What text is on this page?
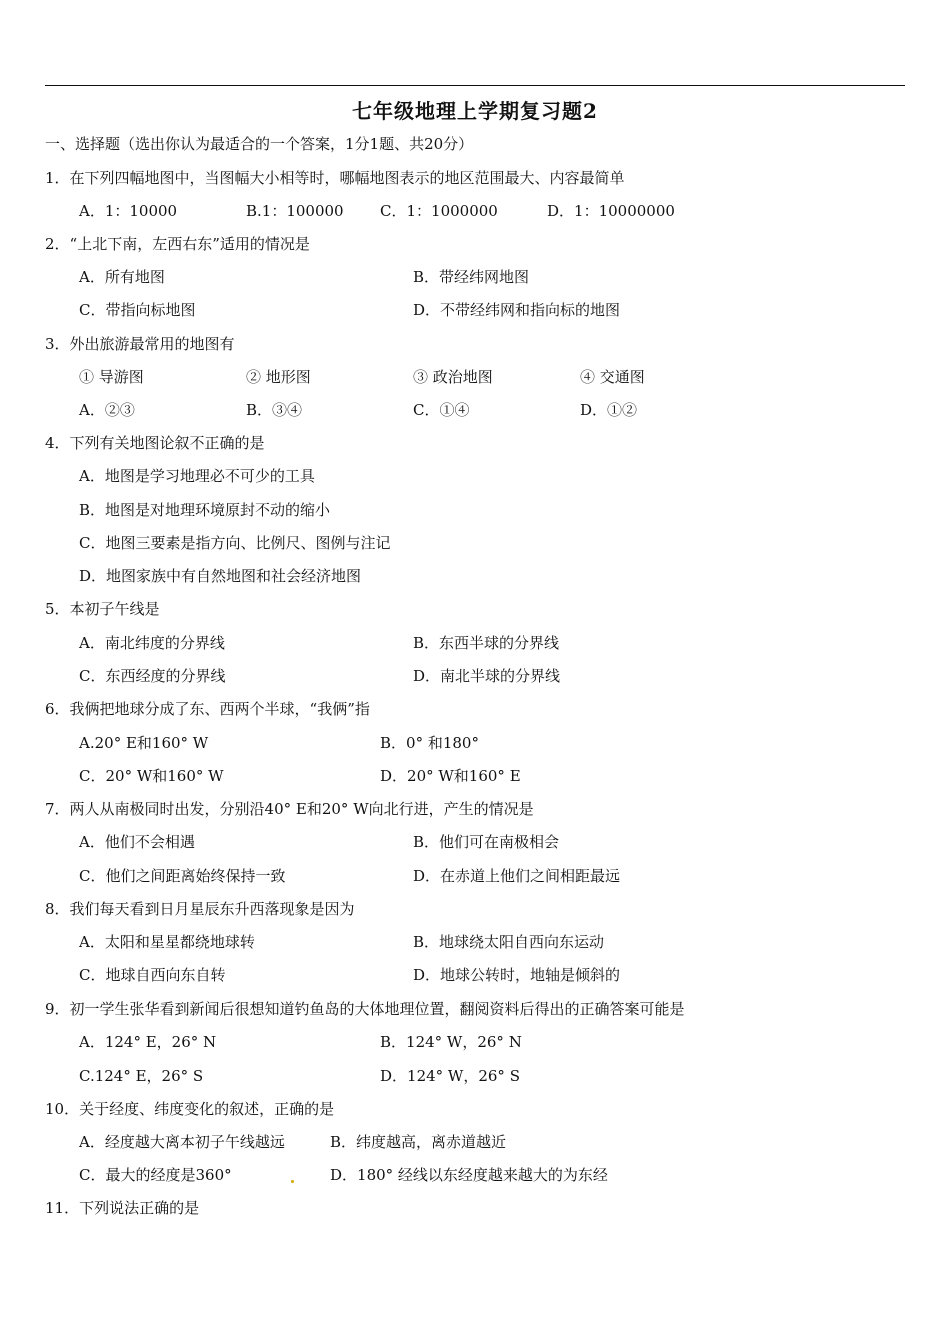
七年级地理上学期复习题2
一、选择题（选出你认为最适合的一个答案，1分1题、共20分）
1．在下列四幅地图中，当图幅大小相等时，哪幅地图表示的地区范围最大、内容最简单
A．1：10000	B.1：100000 C．1：1000000	D．1：10000000
2．“上北下南，左西右东”适用的情况是
A．所有地图	B．带经纬网地图
C．带指向标地图	D．不带经纬网和指向标的地图
3．外出旅游最常用的地图有
① 导游图	② 地形图	③ 政治地图	④ 交通图
A．②③	B．③④	C．①④	D．①②
4．下列有关地图论叙不正确的是
A．地图是学习地理必不可少的工具
B．地图是对地理环境原封不动的缩小
C．地图三要素是指方向、比例尺、图例与注记
D．地图家族中有自然地图和社会经济地图
5．本初子午线是
A．南北纬度的分界线	B．东西半球的分界线
C．东西经度的分界线	D．南北半球的分界线
6．我俩把地球分成了东、西两个半球，“我俩”指
A.20° E和160° W	B．0° 和180°
C．20° W和160° W	D．20° W和160° E
7．两人从南极同时出发，分别沿40° E和20° W向北行进，产生的情况是
A．他们不会相遇	B．他们可在南极相会
C．他们之间距离始终保持一致	D．在赤道上他们之间相距最远
8．我们每天看到日月星辰东升西落现象是因为
A．太阳和星星都绕地球转	B．地球绕太阳自西向东运动
C．地球自西向东自转	D．地球公转时，地轴是倾斜的
9．初一学生张华看到新闻后很想知道钓鱼岛的大体地理位置，翻阅资料后得出的正确答案可能是
A．124° E，26° N	B．124° W，26° N
C.124° E，26° S	D．124° W，26° S
10．关于经度、纬度变化的叙述，正确的是
A．经度越大离本初子午线越远	B．纬度越高，离赤道越近
C．最大的经度是360°	D．180° 经线以东经度越来越大的为东经
11．下列说法正确的是
